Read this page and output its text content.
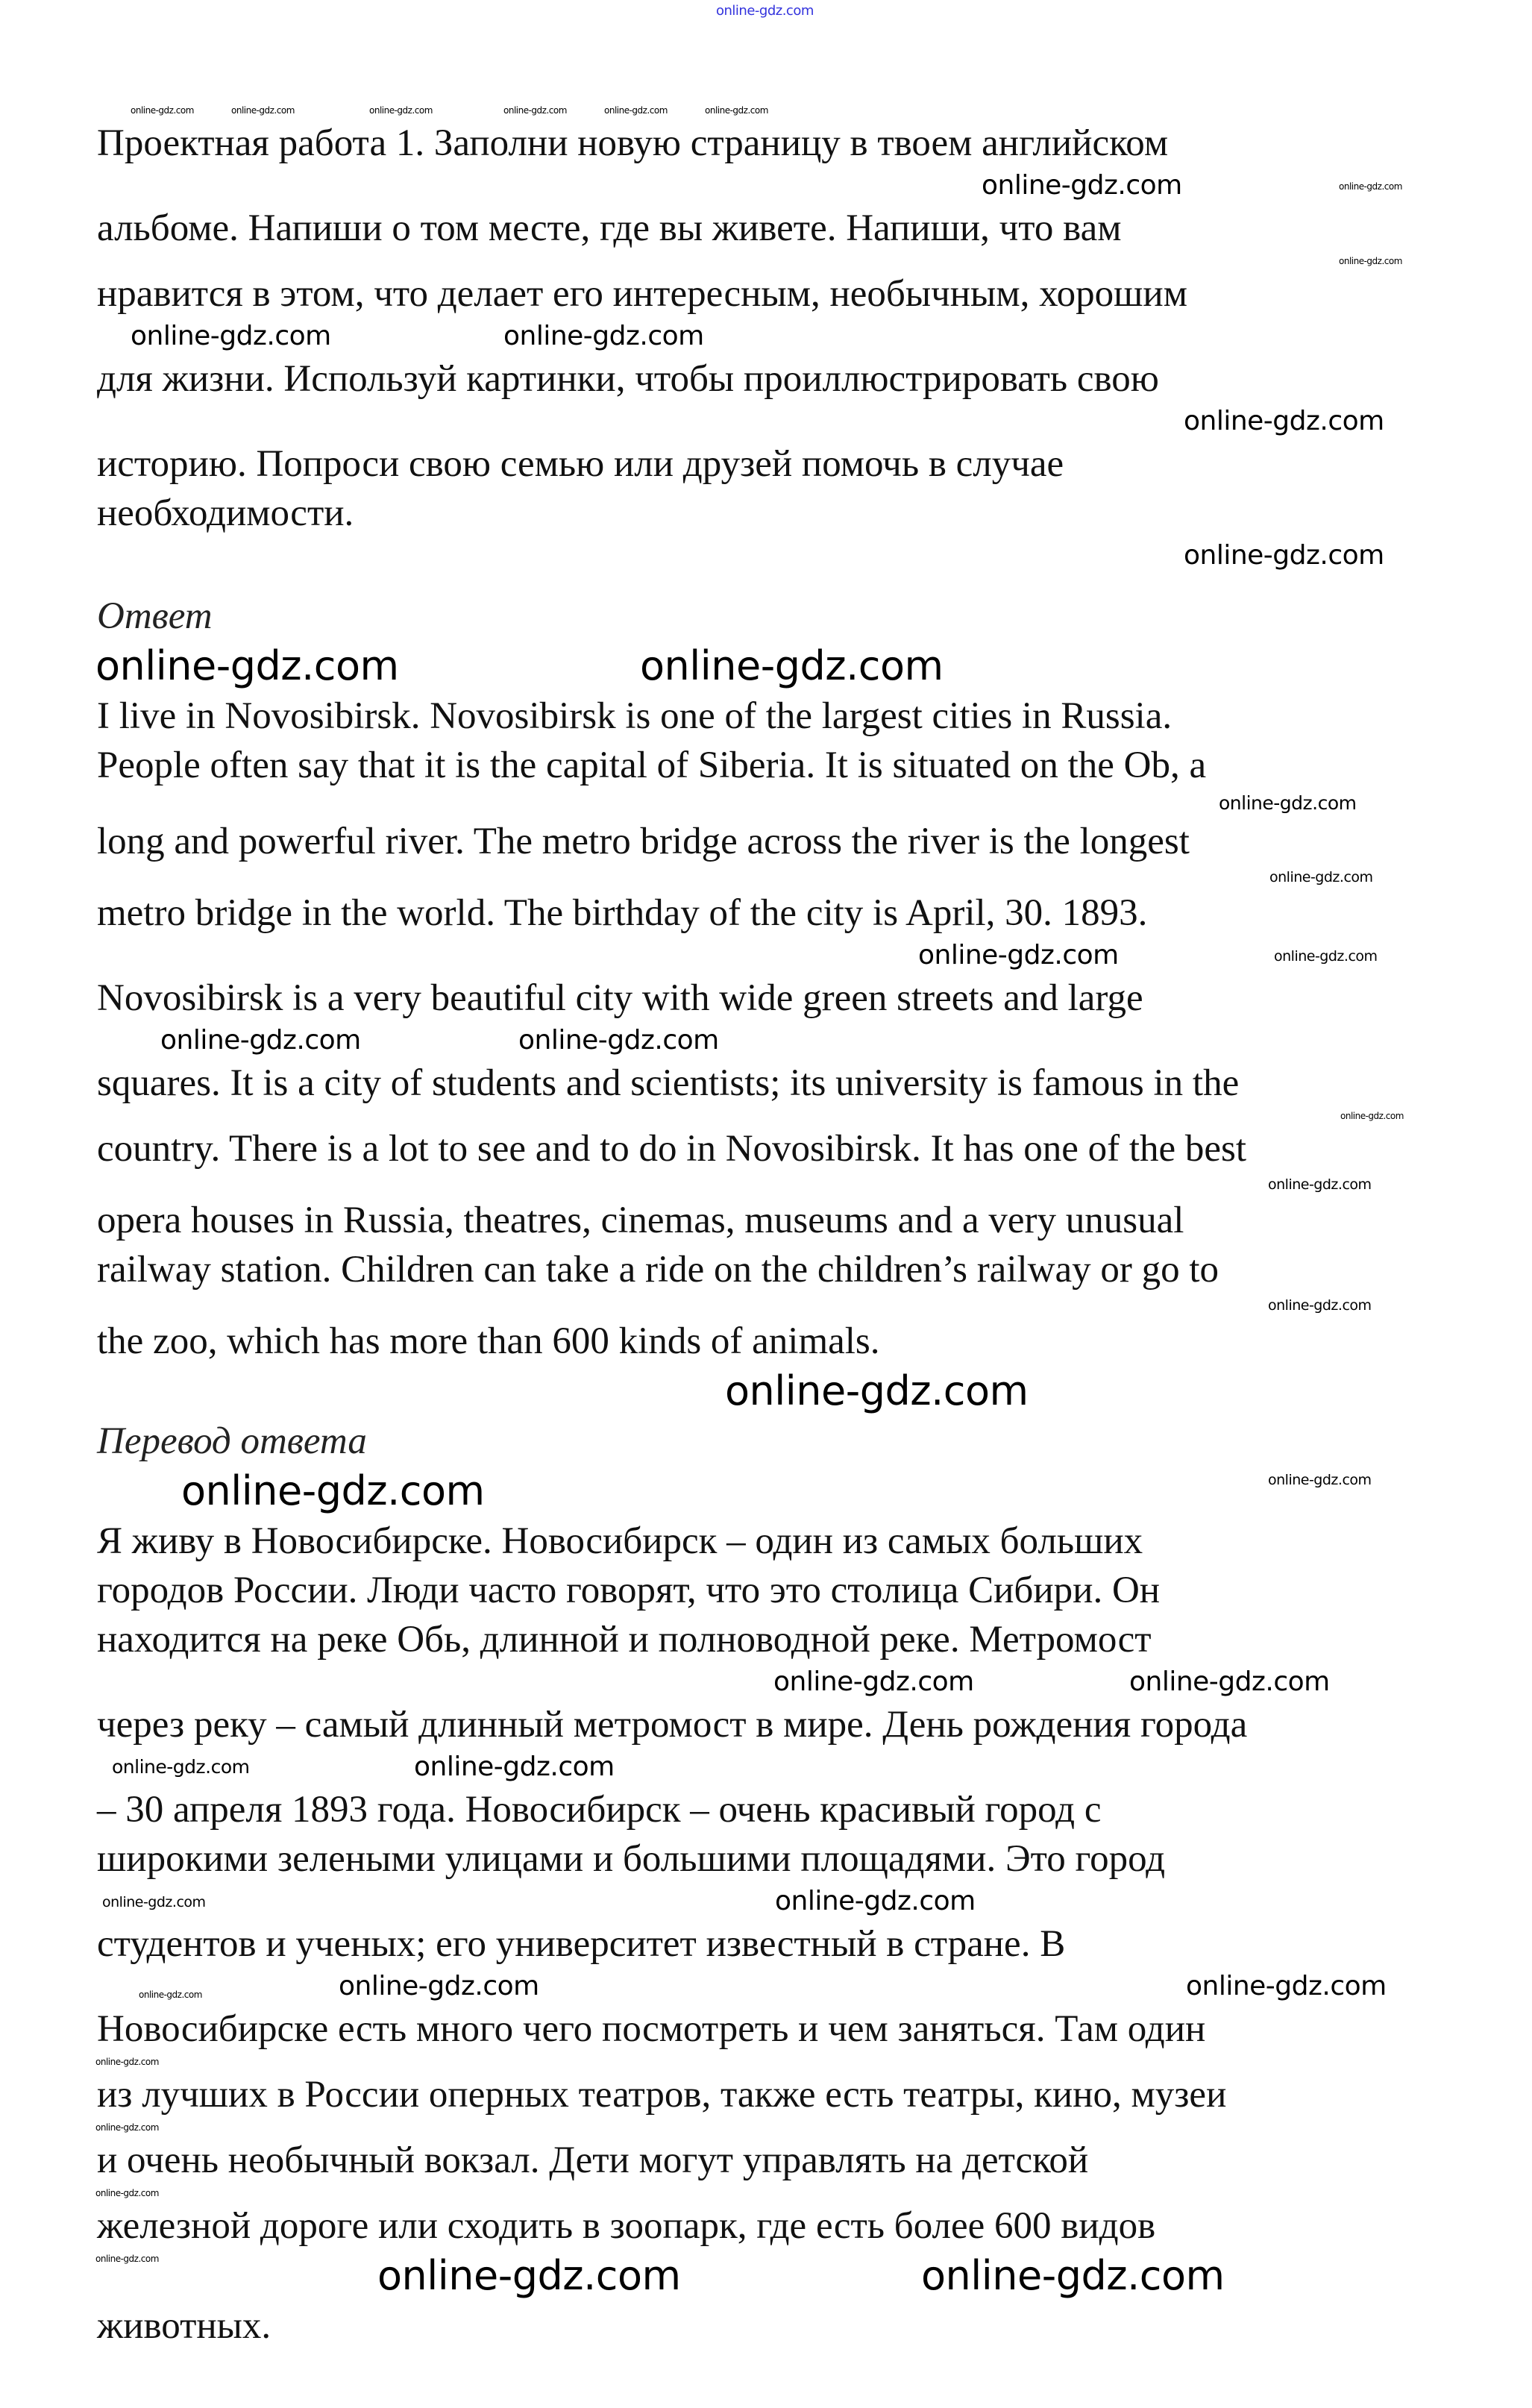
online-gdz.com
online-gdz.com	online-gdz.com	online-gdz.com	online-gdz.com	online-gdz.com	online-gdz.com
Проектная работа 1. Заполни новую страницу в твоем английском
online-gdz.com	online-gdz.com
альбоме. Напиши о том месте, где вы живете. Напиши, что вам
online-gdz.com
нравится в этом, что делает его интересным, необычным, хорошим
online-gdz.com	online-gdz.com
для жизни. Используй картинки, чтобы проиллюстрировать свою
online-gdz.com
историю. Попроси свою семью или друзей помочь в случае
необходимости.
online-gdz.com
Ответ
online-gdz.com	online-gdz.com
I live in Novosibirsk. Novosibirsk is one of the largest cities in Russia.
People often say that it is the capital of Siberia. It is situated on the Ob, a
online-gdz.com
long and powerful river. The metro bridge across the river is the longest
online-gdz.com
metro bridge in the world. The birthday of the city is April, 30. 1893.
online-gdz.com	online-gdz.com
Novosibirsk is a very beautiful city with wide green streets and large
online-gdz.com	online-gdz.com
squares. It is a city of students and scientists; its university is famous in the
online-gdz.com
country. There is a lot to see and to do in Novosibirsk. It has one of the best
online-gdz.com
opera houses in Russia, theatres, cinemas, museums and a very unusual
railway station. Children can take a ride on the children’s railway or go to
online-gdz.com
the zoo, which has more than 600 kinds of animals.
online-gdz.com
Перевод ответа
online-gdz.com	online-gdz.com
Я живу в Новосибирске. Новосибирск – один из самых больших
городов России. Люди часто говорят, что это столица Сибири. Он
находится на реке Обь, длинной и полноводной реке. Метромост
online-gdz.com	online-gdz.com
через реку – самый длинный метромост в мире. День рождения города
online-gdz.com	online-gdz.com
– 30 апреля 1893 года. Новосибирск – очень красивый город с
широкими зелеными улицами и большими площадями. Это город
online-gdz.com	online-gdz.com
студентов и ученых; его университет известный в стране. В
online-gdz.com	online-gdz.com	online-gdz.com
Новосибирске есть много чего посмотреть и чем заняться. Там один
online-gdz.com
из лучших в России оперных театров, также есть театры, кино, музеи
online-gdz.com
и очень необычный вокзал. Дети могут управлять на детской
online-gdz.com
железной дороге или сходить в зоопарк, где есть более 600 видов
online-gdz.com	online-gdz.com	online-gdz.com
животных.
